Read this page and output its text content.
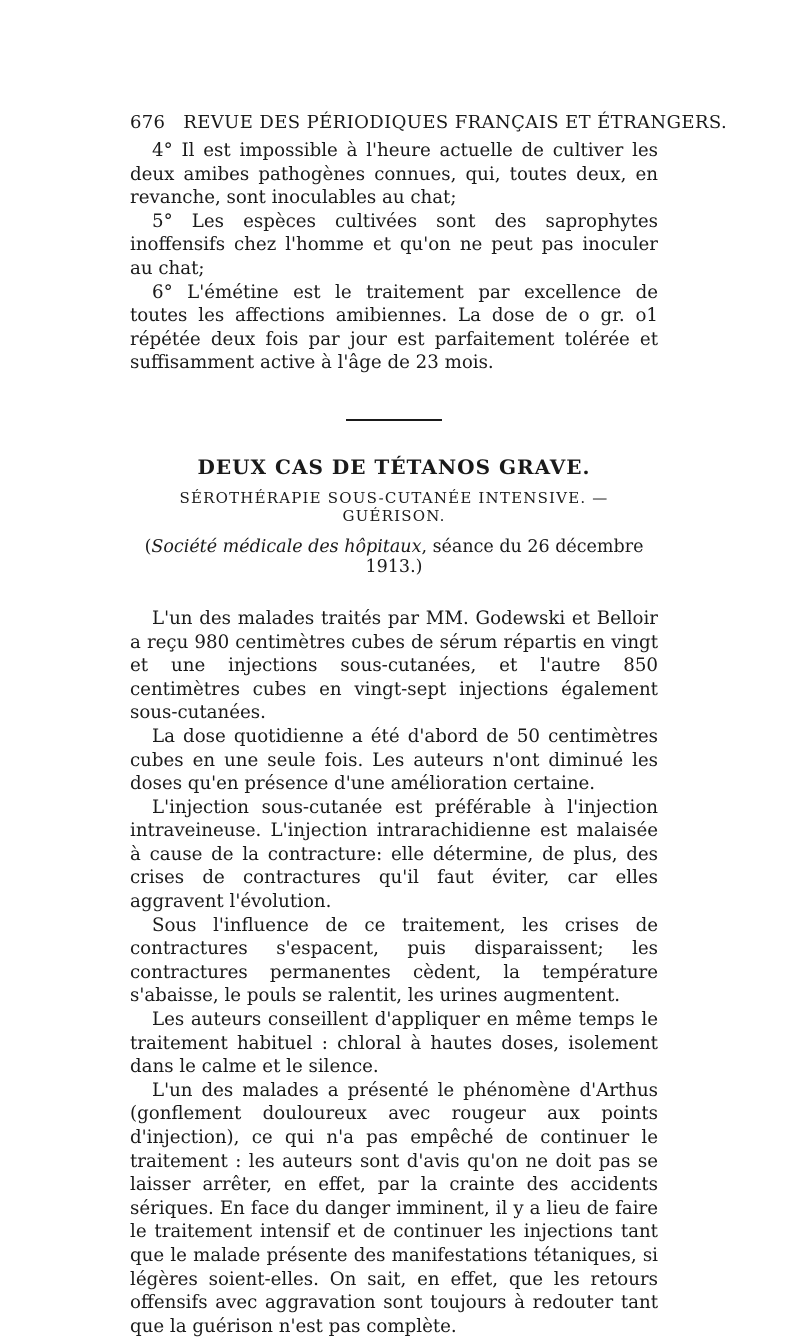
676 REVUE DES PÉRIODIQUES FRANÇAIS ET ÉTRANGERS.

4° Il est impossible à l'heure actuelle de cultiver les deux amibes pathogènes connues, qui, toutes deux, en revanche, sont inoculables au chat;

5° Les espèces cultivées sont des saprophytes inoffensifs chez l'homme et qu'on ne peut pas inoculer au chat;

6° L'émétine est le traitement par excellence de toutes les affections amibiennes. La dose de o gr. o1 répétée deux fois par jour est parfaitement tolérée et suffisamment active à l'âge de 23 mois.

DEUX CAS DE TÉTANOS GRAVE.
SÉROTHÉRAPIE SOUS-CUTANÉE INTENSIVE. — GUÉRISON.
(Société médicale des hôpitaux, séance du 26 décembre 1913.)

L'un des malades traités par MM. Godewski et Belloir a reçu 980 centimètres cubes de sérum répartis en vingt et une injections sous-cutanées, et l'autre 850 centimètres cubes en vingt-sept injections également sous-cutanées.

La dose quotidienne a été d'abord de 50 centimètres cubes en une seule fois. Les auteurs n'ont diminué les doses qu'en présence d'une amélioration certaine.

L'injection sous-cutanée est préférable à l'injection intraveineuse. L'injection intrarachidienne est malaisée à cause de la contracture: elle détermine, de plus, des crises de contractures qu'il faut éviter, car elles aggravent l'évolution.

Sous l'influence de ce traitement, les crises de contractures s'espacent, puis disparaissent; les contractures permanentes cèdent, la température s'abaisse, le pouls se ralentit, les urines augmentent.

Les auteurs conseillent d'appliquer en même temps le traitement habituel : chloral à hautes doses, isolement dans le calme et le silence.

L'un des malades a présenté le phénomène d'Arthus (gonflement douloureux avec rougeur aux points d'injection), ce qui n'a pas empêché de continuer le traitement : les auteurs sont d'avis qu'on ne doit pas se laisser arrêter, en effet, par la crainte des accidents sériques. En face du danger imminent, il y a lieu de faire le traitement intensif et de continuer les injections tant que le malade présente des manifestations tétaniques, si légères soient-elles. On sait, en effet, que les retours offensifs avec aggravation sont toujours à redouter tant que la guérison n'est pas complète.
